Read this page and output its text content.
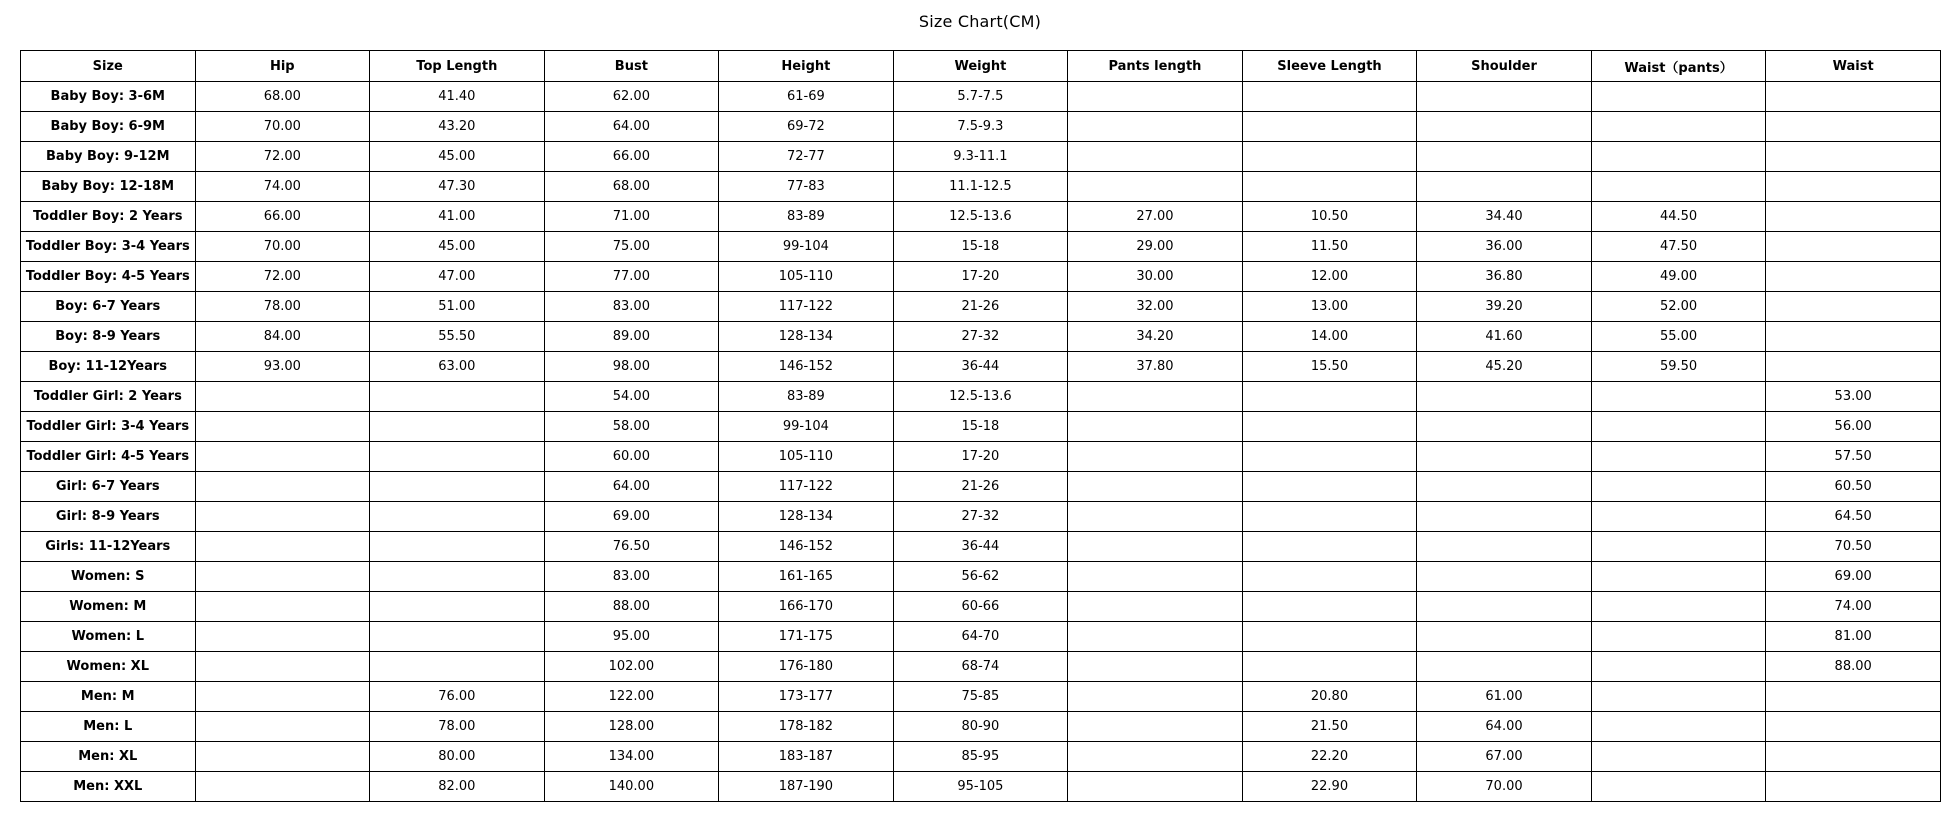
Size Chart(CM)
Size	Hip	Top Length	Bust	Height	Weight	Pants length	Sleeve Length	Shoulder	Waist（pants）	Waist
Baby Boy: 3-6M	68.00	41.40	62.00	61-69	5.7-7.5					
Baby Boy: 6-9M	70.00	43.20	64.00	69-72	7.5-9.3					
Baby Boy: 9-12M	72.00	45.00	66.00	72-77	9.3-11.1					
Baby Boy: 12-18M	74.00	47.30	68.00	77-83	11.1-12.5					
Toddler Boy: 2 Years	66.00	41.00	71.00	83-89	12.5-13.6	27.00	10.50	34.40	44.50	
Toddler Boy: 3-4 Years	70.00	45.00	75.00	99-104	15-18	29.00	11.50	36.00	47.50	
Toddler Boy: 4-5 Years	72.00	47.00	77.00	105-110	17-20	30.00	12.00	36.80	49.00	
Boy: 6-7 Years	78.00	51.00	83.00	117-122	21-26	32.00	13.00	39.20	52.00	
Boy: 8-9 Years	84.00	55.50	89.00	128-134	27-32	34.20	14.00	41.60	55.00	
Boy: 11-12Years	93.00	63.00	98.00	146-152	36-44	37.80	15.50	45.20	59.50	
Toddler Girl: 2 Years			54.00	83-89	12.5-13.6					53.00
Toddler Girl: 3-4 Years			58.00	99-104	15-18					56.00
Toddler Girl: 4-5 Years			60.00	105-110	17-20					57.50
Girl: 6-7 Years			64.00	117-122	21-26					60.50
Girl: 8-9 Years			69.00	128-134	27-32					64.50
Girls: 11-12Years			76.50	146-152	36-44					70.50
Women: S			83.00	161-165	56-62					69.00
Women: M			88.00	166-170	60-66					74.00
Women: L			95.00	171-175	64-70					81.00
Women: XL			102.00	176-180	68-74					88.00
Men: M		76.00	122.00	173-177	75-85		20.80	61.00		
Men: L		78.00	128.00	178-182	80-90		21.50	64.00		
Men: XL		80.00	134.00	183-187	85-95		22.20	67.00		
Men: XXL		82.00	140.00	187-190	95-105		22.90	70.00		
